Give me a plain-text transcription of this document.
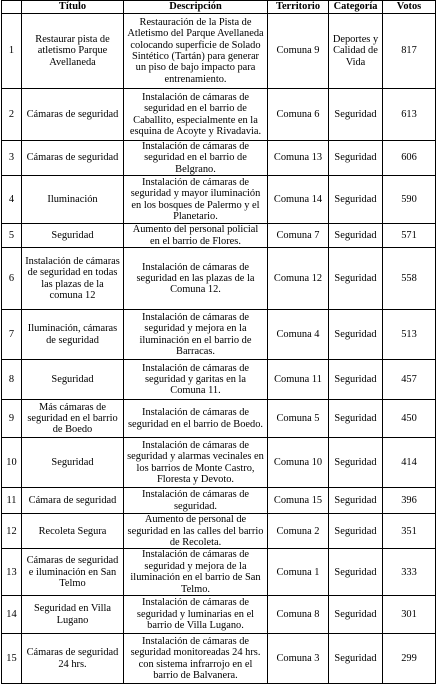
	Título	Descripción	Territorio	Categoría	Votos
1	Restaurar pista de atletismo Parque Avellaneda	Restauración de la Pista de Atletismo del Parque Avellaneda colocando superficie de Solado Sintético (Tartán) para generar un piso de bajo impacto para entrenamiento.	Comuna 9	Deportes y Calidad de Vida	817
2	Cámaras de seguridad	Instalación de cámaras de seguridad en el barrio de Caballito, especialmente en la esquina de Acoyte y Rivadavia.	Comuna 6	Seguridad	613
3	Cámaras de seguridad	Instalación de cámaras de seguridad en el barrio de Belgrano.	Comuna 13	Seguridad	606
4	Iluminación	Instalación de cámaras de seguridad y mayor iluminación en los bosques de Palermo y el Planetario.	Comuna 14	Seguridad	590
5	Seguridad	Aumento del personal policial en el barrio de Flores.	Comuna 7	Seguridad	571
6	Instalación de cámaras de seguridad en todas las plazas de la comuna 12	Instalación de cámaras de seguridad en las plazas de la Comuna 12.	Comuna 12	Seguridad	558
7	Iluminación, cámaras de seguridad	Instalación de cámaras de seguridad y mejora en la iluminación en el barrio de Barracas.	Comuna 4	Seguridad	513
8	Seguridad	Instalación de cámaras de seguridad y garitas en la Comuna 11.	Comuna 11	Seguridad	457
9	Más cámaras de seguridad en el barrio de Boedo	Instalación de cámaras de seguridad en el barrio de Boedo.	Comuna 5	Seguridad	450
10	Seguridad	Instalación de cámaras de seguridad y alarmas vecinales en los barrios de Monte Castro, Floresta y Devoto.	Comuna 10	Seguridad	414
11	Cámara de seguridad	Instalación de cámaras de seguridad.	Comuna 15	Seguridad	396
12	Recoleta Segura	Aumento de personal de seguridad en las calles del barrio de Recoleta.	Comuna 2	Seguridad	351
13	Cámaras de seguridad e iluminación en San Telmo	Instalación de cámaras de seguridad y mejora de la iluminación en el barrio de San Telmo.	Comuna 1	Seguridad	333
14	Seguridad en Villa Lugano	Instalación de cámaras de seguridad y luminarias en el barrio de Villa Lugano.	Comuna 8	Seguridad	301
15	Cámaras de seguridad 24 hrs.	Instalación de cámaras de seguridad monitoreadas 24 hrs. con sistema infrarrojo en el barrio de Balvanera.	Comuna 3	Seguridad	299
